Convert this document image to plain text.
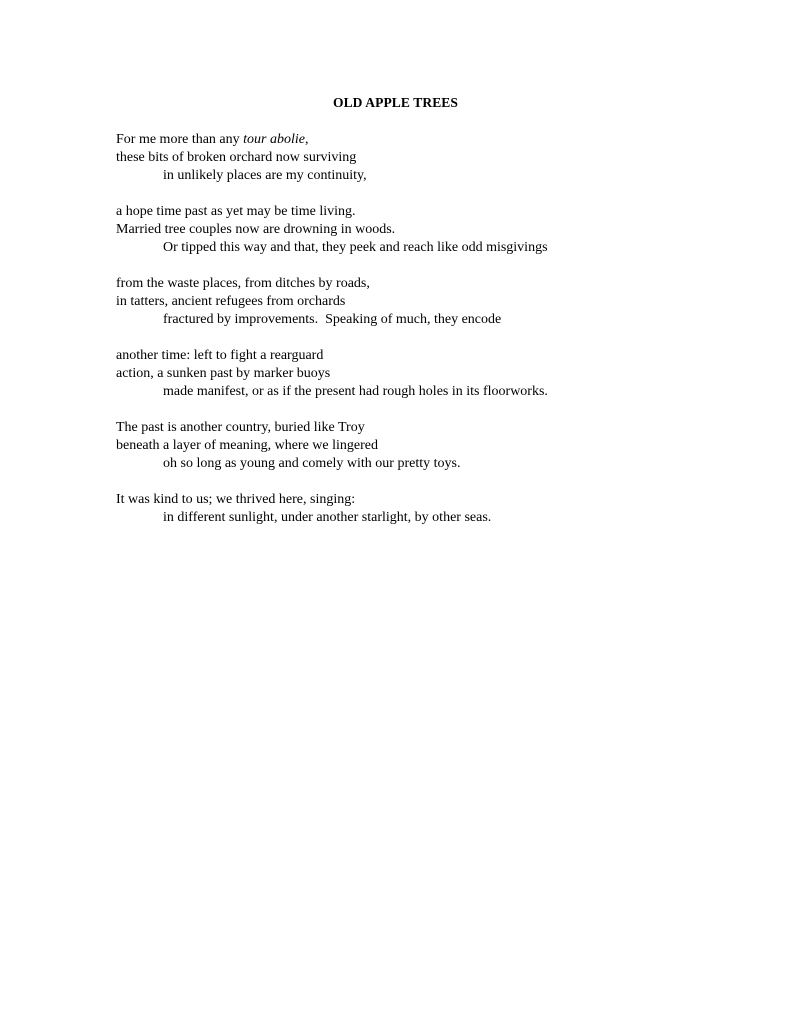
OLD APPLE TREES
For me more than any tour abolie,
these bits of broken orchard now surviving
in unlikely places are my continuity,
a hope time past as yet may be time living.
Married tree couples now are drowning in woods.
Or tipped this way and that, they peek and reach like odd misgivings
from the waste places, from ditches by roads,
in tatters, ancient refugees from orchards
fractured by improvements.  Speaking of much, they encode
another time: left to fight a rearguard
action, a sunken past by marker buoys
made manifest, or as if the present had rough holes in its floorworks.
The past is another country, buried like Troy
beneath a layer of meaning, where we lingered
oh so long as young and comely with our pretty toys.
It was kind to us; we thrived here, singing:
in different sunlight, under another starlight, by other seas.
